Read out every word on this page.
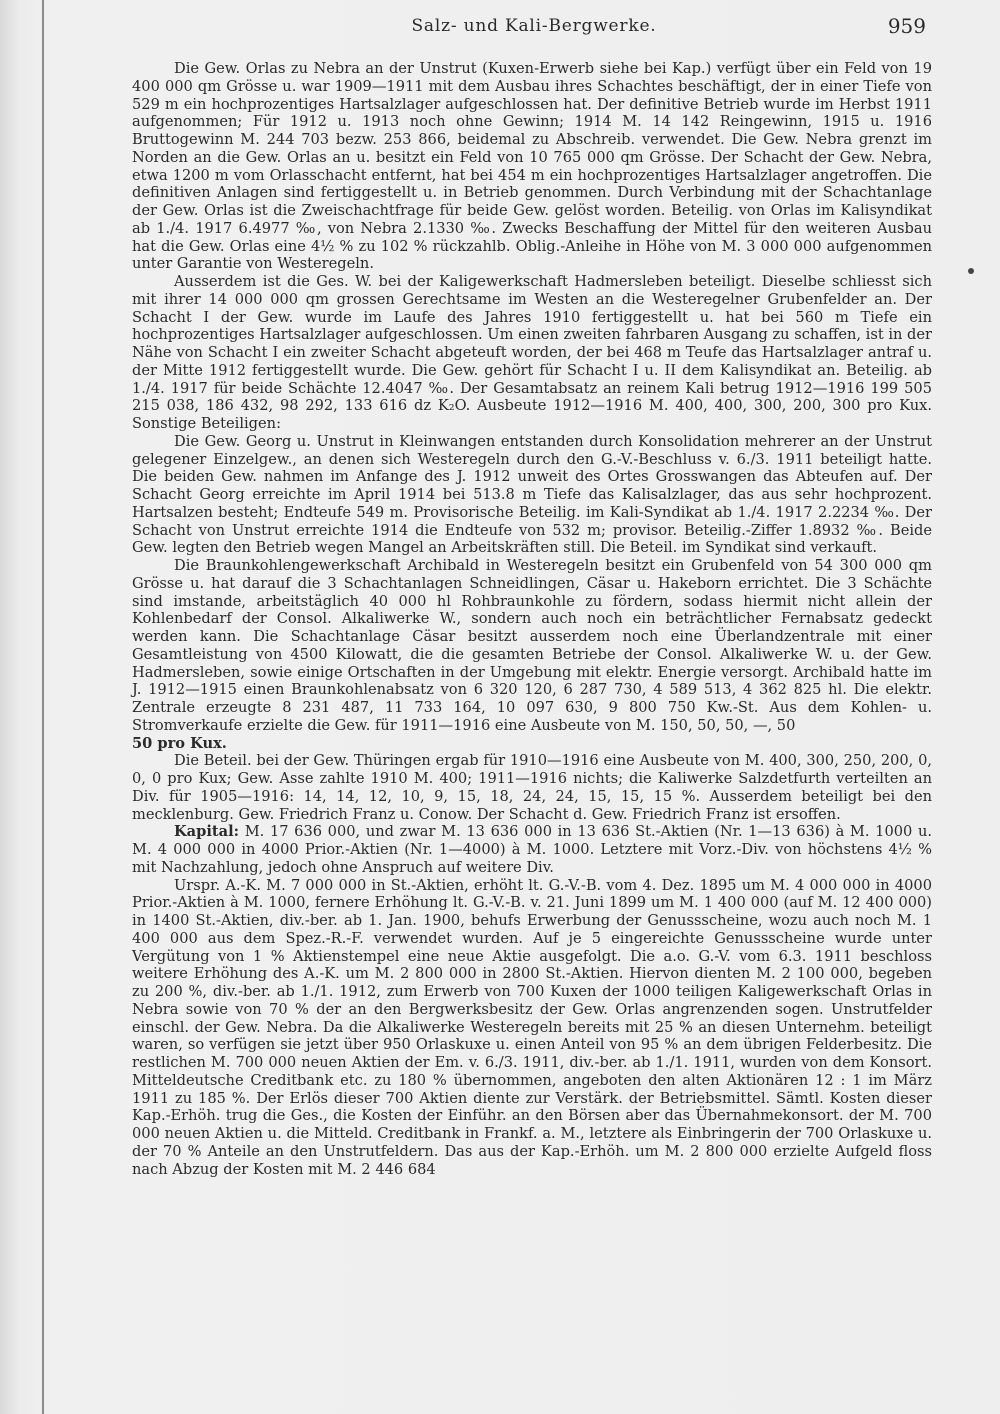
Salz- und Kali-Bergwerke.	959

Die Gew. Orlas zu Nebra an der Unstrut (Kuxen-Erwerb siehe bei Kap.) verfügt über ein Feld von 19 400 000 qm Grösse u. war 1909—1911 mit dem Ausbau ihres Schachtes beschäftigt, der in einer Tiefe von 529 m ein hochprozentiges Hartsalzlager aufgeschlossen hat. Der definitive Betrieb wurde im Herbst 1911 aufgenommen; Für 1912 u. 1913 noch ohne Gewinn; 1914 M. 14 142 Reingewinn, 1915 u. 1916 Bruttogewinn M. 244 703 bezw. 253 866, beidemal zu Abschreib. verwendet. Die Gew. Nebra grenzt im Norden an die Gew. Orlas an u. besitzt ein Feld von 10 765 000 qm Grösse. Der Schacht der Gew. Nebra, etwa 1200 m vom Orlasschacht entfernt, hat bei 454 m ein hochprozentiges Hartsalzlager angetroffen. Die definitiven Anlagen sind fertiggestellt u. in Betrieb genommen. Durch Verbindung mit der Schachtanlage der Gew. Orlas ist die Zweischachtfrage für beide Gew. gelöst worden. Beteilig. von Orlas im Kalisyndikat ab 1./4. 1917 6.4977 ‰, von Nebra 2.1330 ‰. Zwecks Beschaffung der Mittel für den weiteren Ausbau hat die Gew. Orlas eine 4½ % zu 102 % rückzahlb. Oblig.-Anleihe in Höhe von M. 3 000 000 aufgenommen unter Garantie von Westeregeln.

Ausserdem ist die Ges. W. bei der Kaligewerkschaft Hadmersleben beteiligt. Dieselbe schliesst sich mit ihrer 14 000 000 qm grossen Gerechtsame im Westen an die Westeregelner Grubenfelder an. Der Schacht I der Gew. wurde im Laufe des Jahres 1910 fertiggestellt u. hat bei 560 m Tiefe ein hochprozentiges Hartsalzlager aufgeschlossen. Um einen zweiten fahrbaren Ausgang zu schaffen, ist in der Nähe von Schacht I ein zweiter Schacht abgeteuft worden, der bei 468 m Teufe das Hartsalzlager antraf u. der Mitte 1912 fertiggestellt wurde. Die Gew. gehört für Schacht I u. II dem Kalisyndikat an. Beteilig. ab 1./4. 1917 für beide Schächte 12.4047 ‰. Der Gesamtabsatz an reinem Kali betrug 1912—1916 199 505 215 038, 186 432, 98 292, 133 616 dz K₂O. Ausbeute 1912—1916 M. 400, 400, 300, 200, 300 pro Kux. Sonstige Beteiligen:

Die Gew. Georg u. Unstrut in Kleinwangen entstanden durch Konsolidation mehrerer an der Unstrut gelegener Einzelgew., an denen sich Westeregeln durch den G.-V.-Beschluss v. 6./3. 1911 beteiligt hatte. Die beiden Gew. nahmen im Anfange des J. 1912 unweit des Ortes Grosswangen das Abteufen auf. Der Schacht Georg erreichte im April 1914 bei 513.8 m Tiefe das Kalisalzlager, das aus sehr hochprozent. Hartsalzen besteht; Endteufe 549 m. Provisorische Beteilig. im Kali-Syndikat ab 1./4. 1917 2.2234 ‰. Der Schacht von Unstrut erreichte 1914 die Endteufe von 532 m; provisor. Beteilig.-Ziffer 1.8932 ‰. Beide Gew. legten den Betrieb wegen Mangel an Arbeitskräften still. Die Beteil. im Syndikat sind verkauft.

Die Braunkohlengewerkschaft Archibald in Westeregeln besitzt ein Grubenfeld von 54 300 000 qm Grösse u. hat darauf die 3 Schachtanlagen Schneidlingen, Cäsar u. Hakeborn errichtet. Die 3 Schächte sind imstande, arbeitstäglich 40 000 hl Rohbraunkohle zu fördern, sodass hiermit nicht allein der Kohlenbedarf der Consol. Alkaliwerke W., sondern auch noch ein beträchtlicher Fernabsatz gedeckt werden kann. Die Schachtanlage Cäsar besitzt ausserdem noch eine Überlandzentrale mit einer Gesamtleistung von 4500 Kilowatt, die die gesamten Betriebe der Consol. Alkaliwerke W. u. der Gew. Hadmersleben, sowie einige Ortschaften in der Umgebung mit elektr. Energie versorgt. Archibald hatte im J. 1912—1915 einen Braunkohlenabsatz von 6 320 120, 6 287 730, 4 589 513, 4 362 825 hl. Die elektr. Zentrale erzeugte 8 231 487, 11 733 164, 10 097 630, 9 800 750 Kw.-St. Aus dem Kohlen- u. Stromverkaufe erzielte die Gew. für 1911—1916 eine Ausbeute von M. 150, 50, 50, —, 50

50 pro Kux.

Die Beteil. bei der Gew. Thüringen ergab für 1910—1916 eine Ausbeute von M. 400, 300, 250, 200, 0, 0, 0 pro Kux; Gew. Asse zahlte 1910 M. 400; 1911—1916 nichts; die Kaliwerke Salzdetfurth verteilten an Div. für 1905—1916: 14, 14, 12, 10, 9, 15, 18, 24, 24, 15, 15, 15 %. Ausserdem beteiligt bei den mecklenburg. Gew. Friedrich Franz u. Conow. Der Schacht d. Gew. Friedrich Franz ist ersoffen.

Kapital: M. 17 636 000, und zwar M. 13 636 000 in 13 636 St.-Aktien (Nr. 1—13 636) à M. 1000 u. M. 4 000 000 in 4000 Prior.-Aktien (Nr. 1—4000) à M. 1000. Letztere mit Vorz.-Div. von höchstens 4½ % mit Nachzahlung, jedoch ohne Anspruch auf weitere Div.

Urspr. A.-K. M. 7 000 000 in St.-Aktien, erhöht lt. G.-V.-B. vom 4. Dez. 1895 um M. 4 000 000 in 4000 Prior.-Aktien à M. 1000, fernere Erhöhung lt. G.-V.-B. v. 21. Juni 1899 um M. 1 400 000 (auf M. 12 400 000) in 1400 St.-Aktien, div.-ber. ab 1. Jan. 1900, behufs Erwerbung der Genussscheine, wozu auch noch M. 1 400 000 aus dem Spez.-R.-F. verwendet wurden. Auf je 5 eingereichte Genussscheine wurde unter Vergütung von 1 % Aktienstempel eine neue Aktie ausgefolgt. Die a.o. G.-V. vom 6.3. 1911 beschloss weitere Erhöhung des A.-K. um M. 2 800 000 in 2800 St.-Aktien. Hiervon dienten M. 2 100 000, begeben zu 200 %, div.-ber. ab 1./1. 1912, zum Erwerb von 700 Kuxen der 1000 teiligen Kaligewerkschaft Orlas in Nebra sowie von 70 % der an den Bergwerksbesitz der Gew. Orlas angrenzenden sogen. Unstrutfelder einschl. der Gew. Nebra. Da die Alkaliwerke Westeregeln bereits mit 25 % an diesen Unternehm. beteiligt waren, so verfügen sie jetzt über 950 Orlaskuxe u. einen Anteil von 95 % an dem übrigen Felderbesitz. Die restlichen M. 700 000 neuen Aktien der Em. v. 6./3. 1911, div.-ber. ab 1./1. 1911, wurden von dem Konsort. Mitteldeutsche Creditbank etc. zu 180 % übernommen, angeboten den alten Aktionären 12 : 1 im März 1911 zu 185 %. Der Erlös dieser 700 Aktien diente zur Verstärk. der Betriebsmittel. Sämtl. Kosten dieser Kap.-Erhöh. trug die Ges., die Kosten der Einführ. an den Börsen aber das Übernahmekonsort. der M. 700 000 neuen Aktien u. die Mitteld. Creditbank in Frankf. a. M., letztere als Einbringerin der 700 Orlaskuxe u. der 70 % Anteile an den Unstrutfeldern. Das aus der Kap.-Erhöh. um M. 2 800 000 erzielte Aufgeld floss nach Abzug der Kosten mit M. 2 446 684
